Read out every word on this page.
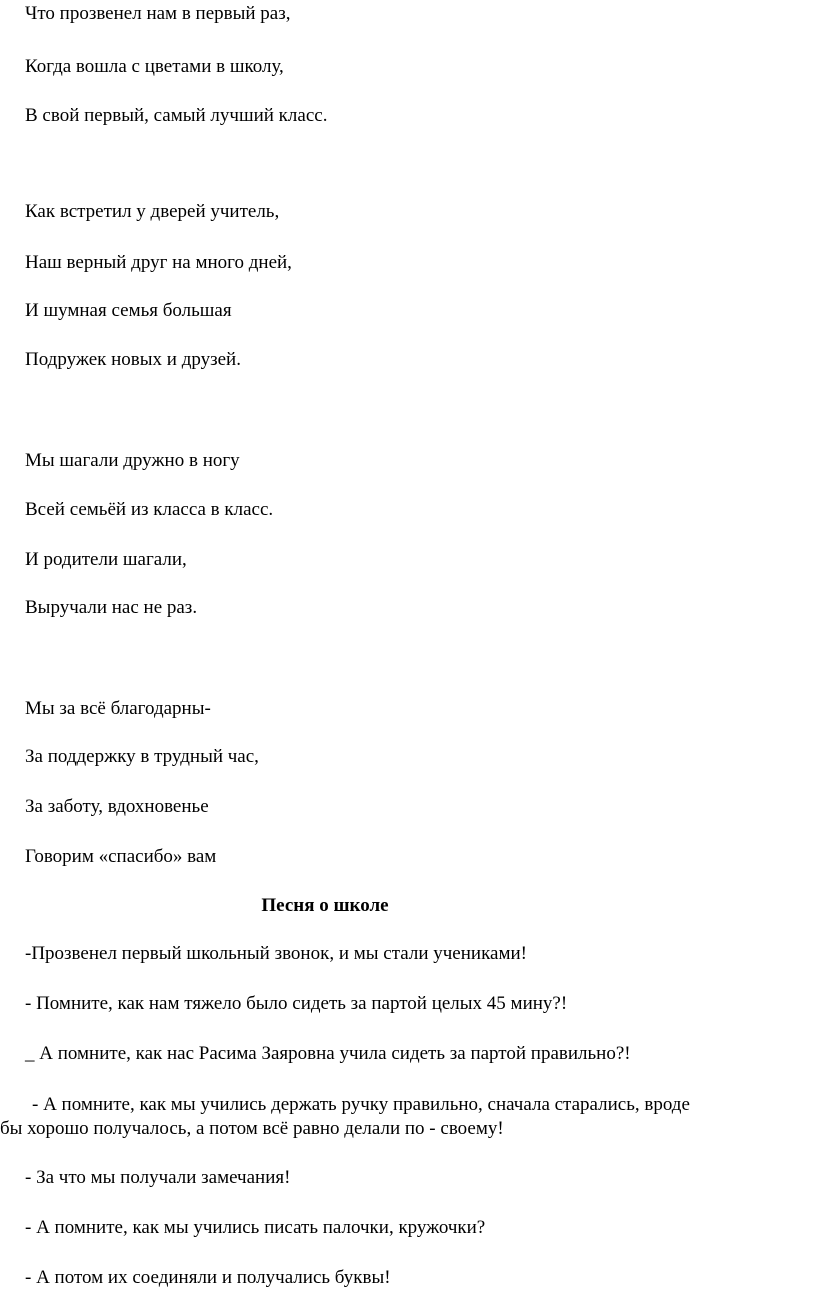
Что прозвенел нам в первый раз,
Когда вошла с цветами в школу,
В свой первый, самый лучший класс.
Как встретил у дверей учитель,
Наш верный друг на много дней,
И шумная семья большая
Подружек новых и друзей.
Мы шагали дружно в ногу
Всей семьёй из класса в класс.
И родители шагали,
Выручали нас не раз.
Мы за всё благодарны-
За поддержку в трудный час,
За заботу, вдохновенье
Говорим «спасибо» вам
Песня о школе
-Прозвенел первый школьный звонок, и мы стали учениками!
- Помните, как нам тяжело было сидеть за партой целых 45 мину?!
_ А помните, как нас Расима Заяровна учила сидеть за партой правильно?!
- А помните, как мы учились держать ручку правильно, сначала старались, вроде
бы хорошо получалось, а потом всё равно делали по - своему!
- За что мы получали замечания!
- А помните, как мы учились писать палочки, кружочки?
- А потом их соединяли и получались буквы!
